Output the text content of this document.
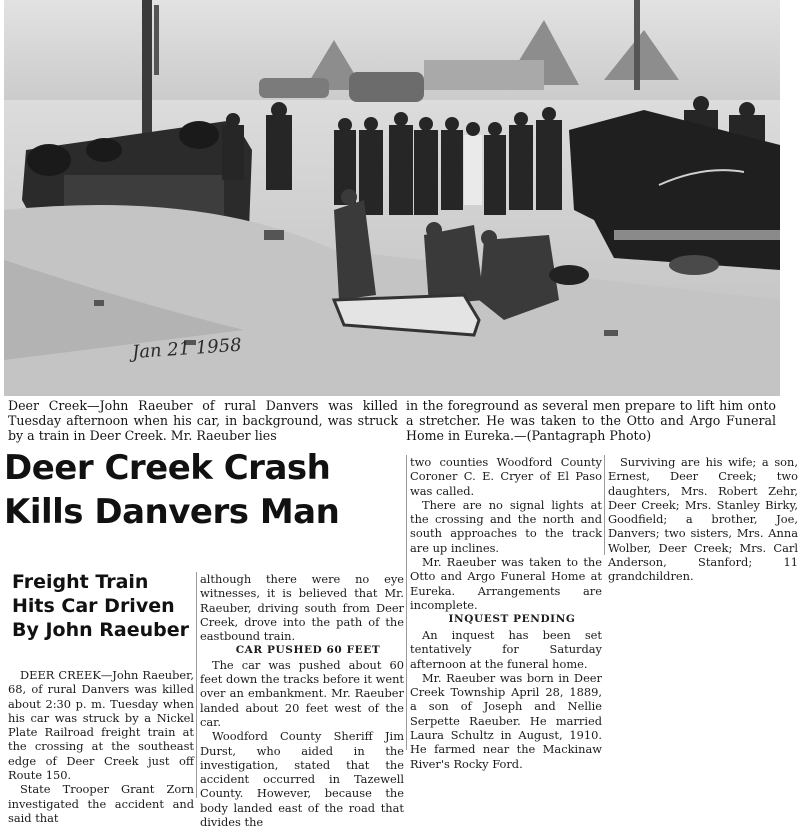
Jan 21 1958
Deer Creek—John Raeuber of rural Danvers was killed Tuesday afternoon when his car, in background, was struck by a train in Deer Creek. Mr. Raeuber lies
in the foreground as several men prepare to lift him onto a stretcher. He was taken to the Otto and Argo Funeral Home in Eureka.—(Pantagraph Photo)
Deer Creek Crash
Kills Danvers Man
Freight Train
Hits Car Driven
By John Raeuber

DEER CREEK—John Raeuber, 68, of rural Danvers was killed about 2:30 p. m. Tuesday when his car was struck by a Nickel Plate Railroad freight train at the crossing at the southeast edge of Deer Creek just off Route 150.

State Trooper Grant Zorn investigated the accident and said that

although there were no eye witnesses, it is believed that Mr. Raeuber, driving south from Deer Creek, drove into the path of the eastbound train.

CAR PUSHED 60 FEET

The car was pushed about 60 feet down the tracks before it went over an embankment. Mr. Raeuber landed about 20 feet west of the car.

Woodford County Sheriff Jim Durst, who aided in the investigation, stated that the accident occurred in Tazewell County. However, because the body landed east of the road that divides the

two counties Woodford County Coroner C. E. Cryer of El Paso was called.

There are no signal lights at the crossing and the north and south approaches to the track are up inclines.

Mr. Raeuber was taken to the Otto and Argo Funeral Home at Eureka. Arrangements are incomplete.

INQUEST PENDING

An inquest has been set tentatively for Saturday afternoon at the funeral home.

Mr. Raeuber was born in Deer Creek Township April 28, 1889, a son of Joseph and Nellie Serpette Raeuber. He married Laura Schultz in August, 1910. He farmed near the Mackinaw River's Rocky Ford.

Surviving are his wife; a son, Ernest, Deer Creek; two daughters, Mrs. Robert Zehr, Deer Creek; Mrs. Stanley Birky, Goodfield; a brother, Joe, Danvers; two sisters, Mrs. Anna Wolber, Deer Creek; Mrs. Carl Anderson, Stanford; 11 grandchildren.
